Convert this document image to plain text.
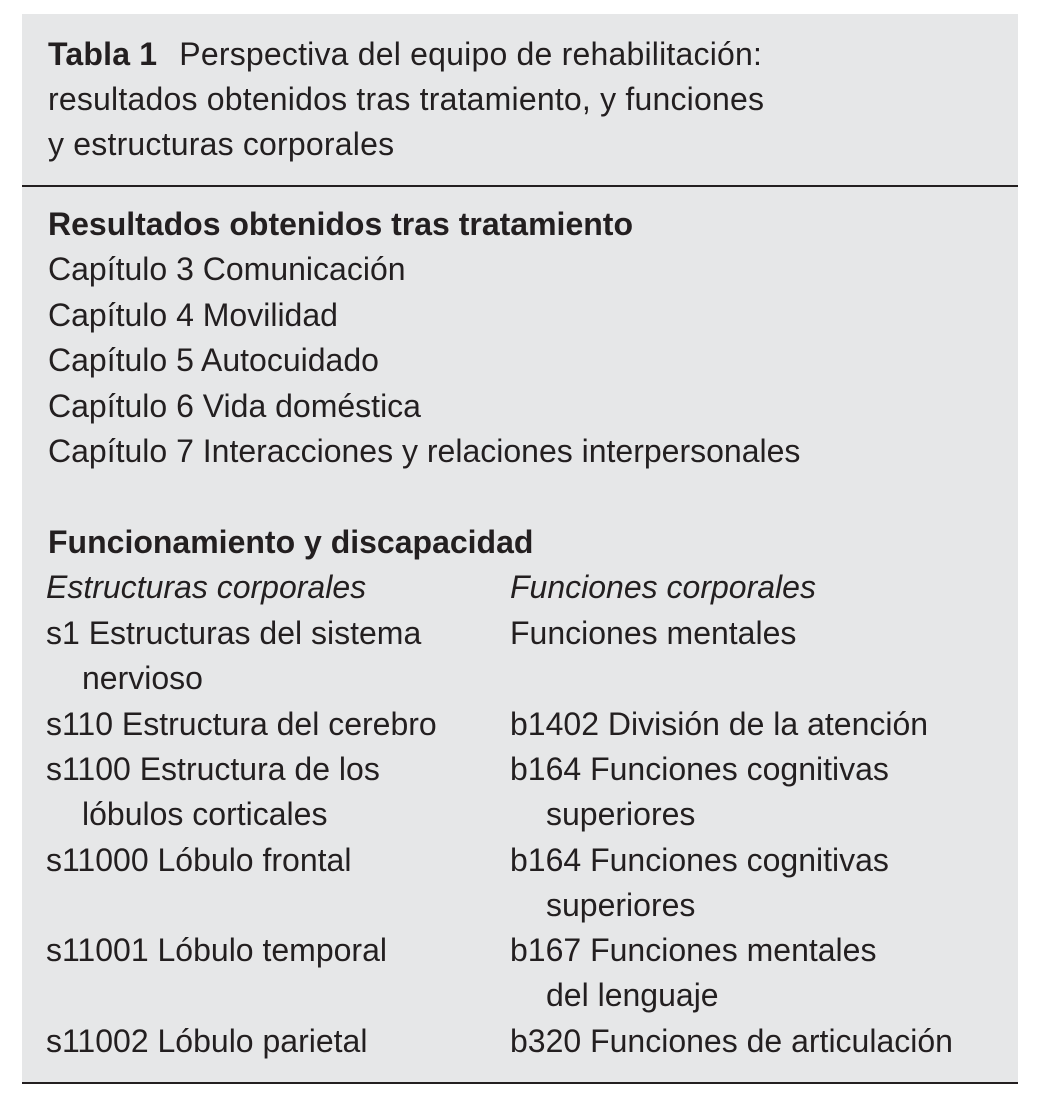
Tabla 1 Perspectiva del equipo de rehabilitación:
resultados obtenidos tras tratamiento, y funciones
y estructuras corporales
Resultados obtenidos tras tratamiento
Capítulo 3 Comunicación
Capítulo 4 Movilidad
Capítulo 5 Autocuidado
Capítulo 6 Vida doméstica
Capítulo 7 Interacciones y relaciones interpersonales
Funcionamiento y discapacidad
Estructuras corporales
s1 Estructuras del sistema
nervioso
s110 Estructura del cerebro
s1100 Estructura de los
lóbulos corticales
s11000 Lóbulo frontal
s11001 Lóbulo temporal
s11002 Lóbulo parietal
Funciones corporales
Funciones mentales
b1402 División de la atención
b164 Funciones cognitivas
superiores
b164 Funciones cognitivas
superiores
b167 Funciones mentales
del lenguaje
b320 Funciones de articulación
